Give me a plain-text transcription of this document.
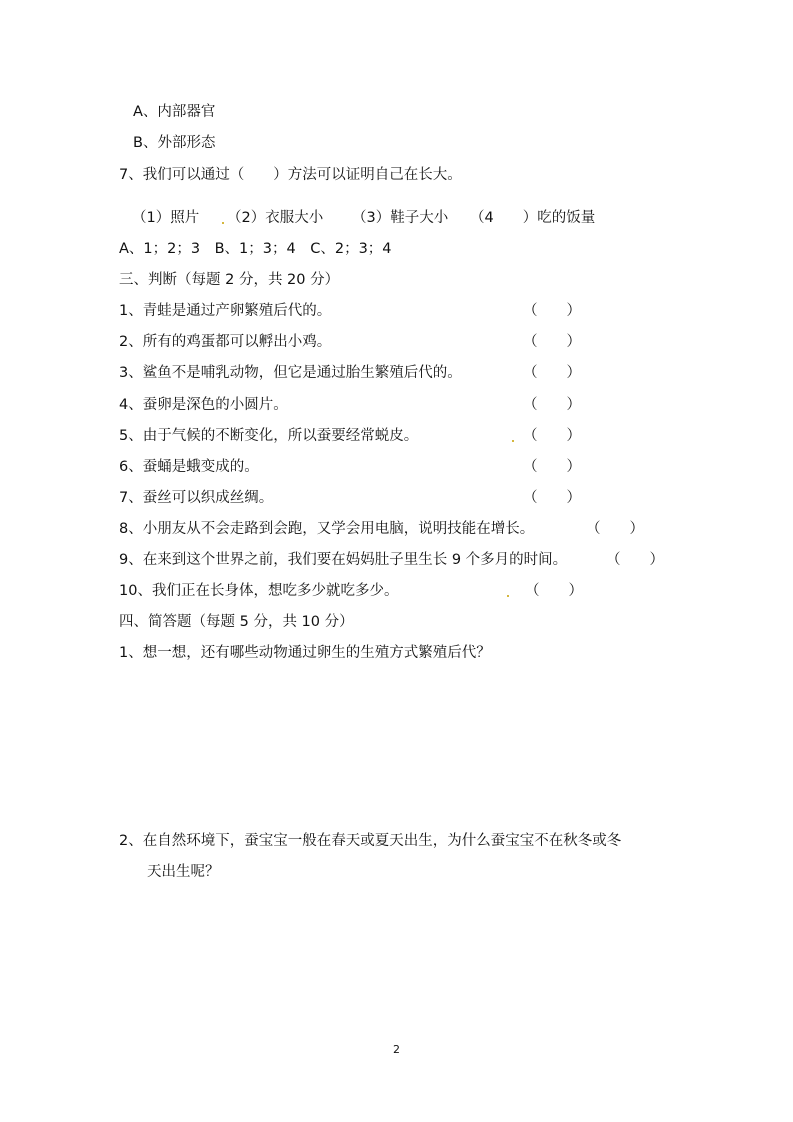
A、内部器官
B、外部形态
7、我们可以通过（　　）方法可以证明自己在长大。
（1）照片 （2）衣服大小 （3）鞋子大小 （4　　）吃的饭量
A、1；2；3　B、1；3；4　C、2；3；4
三、判断（每题 2 分，共 20 分）
1、青蛙是通过产卵繁殖后代的。	（　　）
2、所有的鸡蛋都可以孵出小鸡。	（　　）
3、鲨鱼不是哺乳动物，但它是通过胎生繁殖后代的。	（　　）
4、蚕卵是深色的小圆片。	（　　）
5、由于气候的不断变化，所以蚕要经常蜕皮。	（　　）
6、蚕蛹是蛾变成的。	（　　）
7、蚕丝可以织成丝绸。	（　　）
8、小朋友从不会走路到会跑，又学会用电脑，说明技能在增长。	（　　）
9、在来到这个世界之前，我们要在妈妈肚子里生长 9 个多月的时间。	（　　）
10、我们正在长身体，想吃多少就吃多少。	（　　）
四、简答题（每题 5 分，共 10 分）
1、想一想，还有哪些动物通过卵生的生殖方式繁殖后代？
2、在自然环境下，蚕宝宝一般在春天或夏天出生，为什么蚕宝宝不在秋冬或冬
天出生呢？
2
